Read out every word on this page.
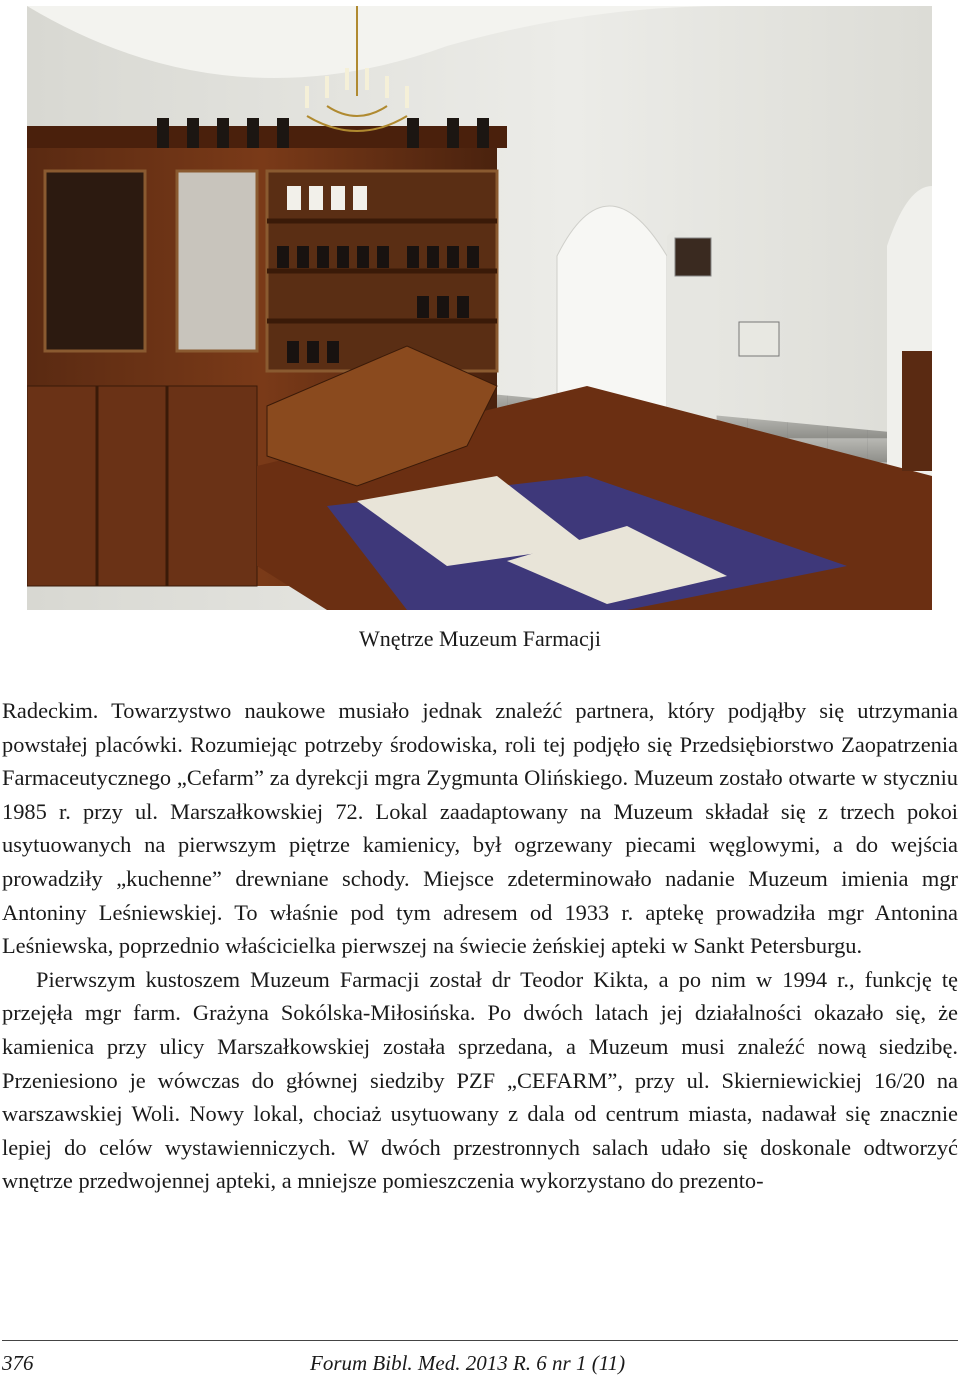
Wnętrze Muzeum Farmacji

Radeckim. Towarzystwo naukowe musiało jednak znaleźć partnera, który podjąłby się utrzymania powstałej placówki. Rozumiejąc potrzeby środowiska, roli tej podjęło się Przedsiębiorstwo Zaopatrzenia Farmaceutycznego „Cefarm” za dyrekcji mgra Zygmunta Olińskiego. Muzeum zostało otwarte w styczniu 1985 r. przy ul. Marszałkowskiej 72. Lokal zaadaptowany na Muzeum składał się z trzech pokoi usytuowanych na pierwszym piętrze kamienicy, był ogrzewany piecami węglowymi, a do wejścia prowadziły „kuchenne” drewniane schody. Miejsce zdeterminowało nadanie Muzeum imienia mgr Antoniny Leśniewskiej. To właśnie pod tym adresem od 1933 r. aptekę prowadziła mgr Antonina Leśniewska, poprzednio właścicielka pierwszej na świecie żeńskiej apteki w Sankt Petersburgu.

Pierwszym kustoszem Muzeum Farmacji został dr Teodor Kikta, a po nim w 1994 r., funkcję tę przejęła mgr farm. Grażyna Sokólska-Miłosińska. Po dwóch latach jej działalności okazało się, że kamienica przy ulicy Marszałkowskiej została sprzedana, a Muzeum musi znaleźć nową siedzibę. Przeniesiono je wówczas do głównej siedziby PZF „CEFARM”, przy ul. Skierniewickiej 16/20 na warszawskiej Woli. Nowy lokal, chociaż usytuowany z dala od centrum miasta, nadawał się znacznie lepiej do celów wystawienniczych. W dwóch przestronnych salach udało się doskonale odtworzyć wnętrze przedwojennej apteki, a mniejsze pomieszczenia wykorzystano do prezento-

376	Forum Bibl. Med. 2013 R. 6 nr 1 (11)
